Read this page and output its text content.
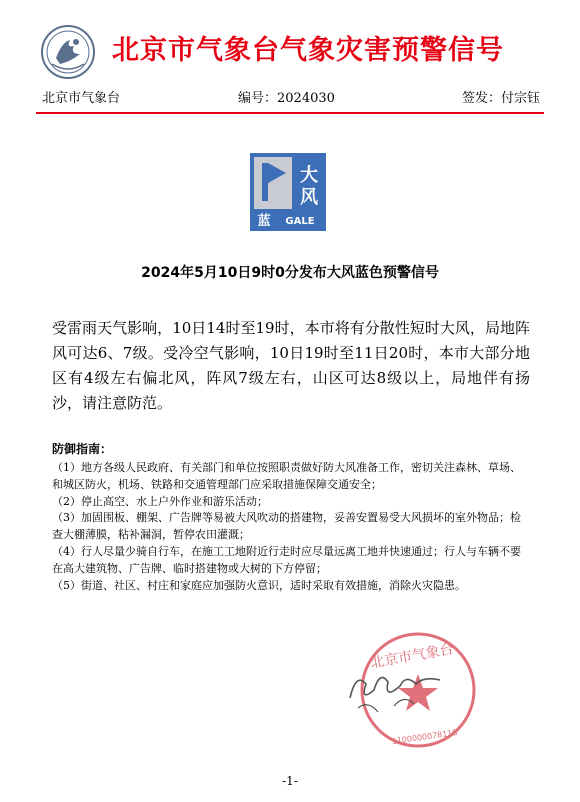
北京市气象台气象灾害预警信号
北京市气象台	编号：2024030	签发：付宗钰
大
风
蓝 GALE
2024年5月10日9时0分发布大风蓝色预警信号
受雷雨天气影响，10日14时至19时，本市将有分散性短时大风，局地阵风可达6、7级。受冷空气影响，10日19时至11日20时，本市大部分地区有4级左右偏北风，阵风7级左右，山区可达8级以上，局地伴有扬沙，请注意防范。
防御指南：
（1）地方各级人民政府、有关部门和单位按照职责做好防大风准备工作，密切关注森林、草场、和城区防火，机场、铁路和交通管理部门应采取措施保障交通安全；
（2）停止高空、水上户外作业和游乐活动；
（3）加固围板、棚架、广告牌等易被大风吹动的搭建物，妥善安置易受大风损坏的室外物品；检查大棚薄膜，粘补漏洞，暂停农田灌溉；
（4）行人尽量少骑自行车，在施工工地附近行走时应尽量远离工地并快速通过；行人与车辆不要在高大建筑物、广告牌、临时搭建物或大树的下方停留；
（5）街道、社区、村庄和家庭应加强防火意识，适时采取有效措施，消除火灾隐患。
北京市气象台
1100000078118
-1-
